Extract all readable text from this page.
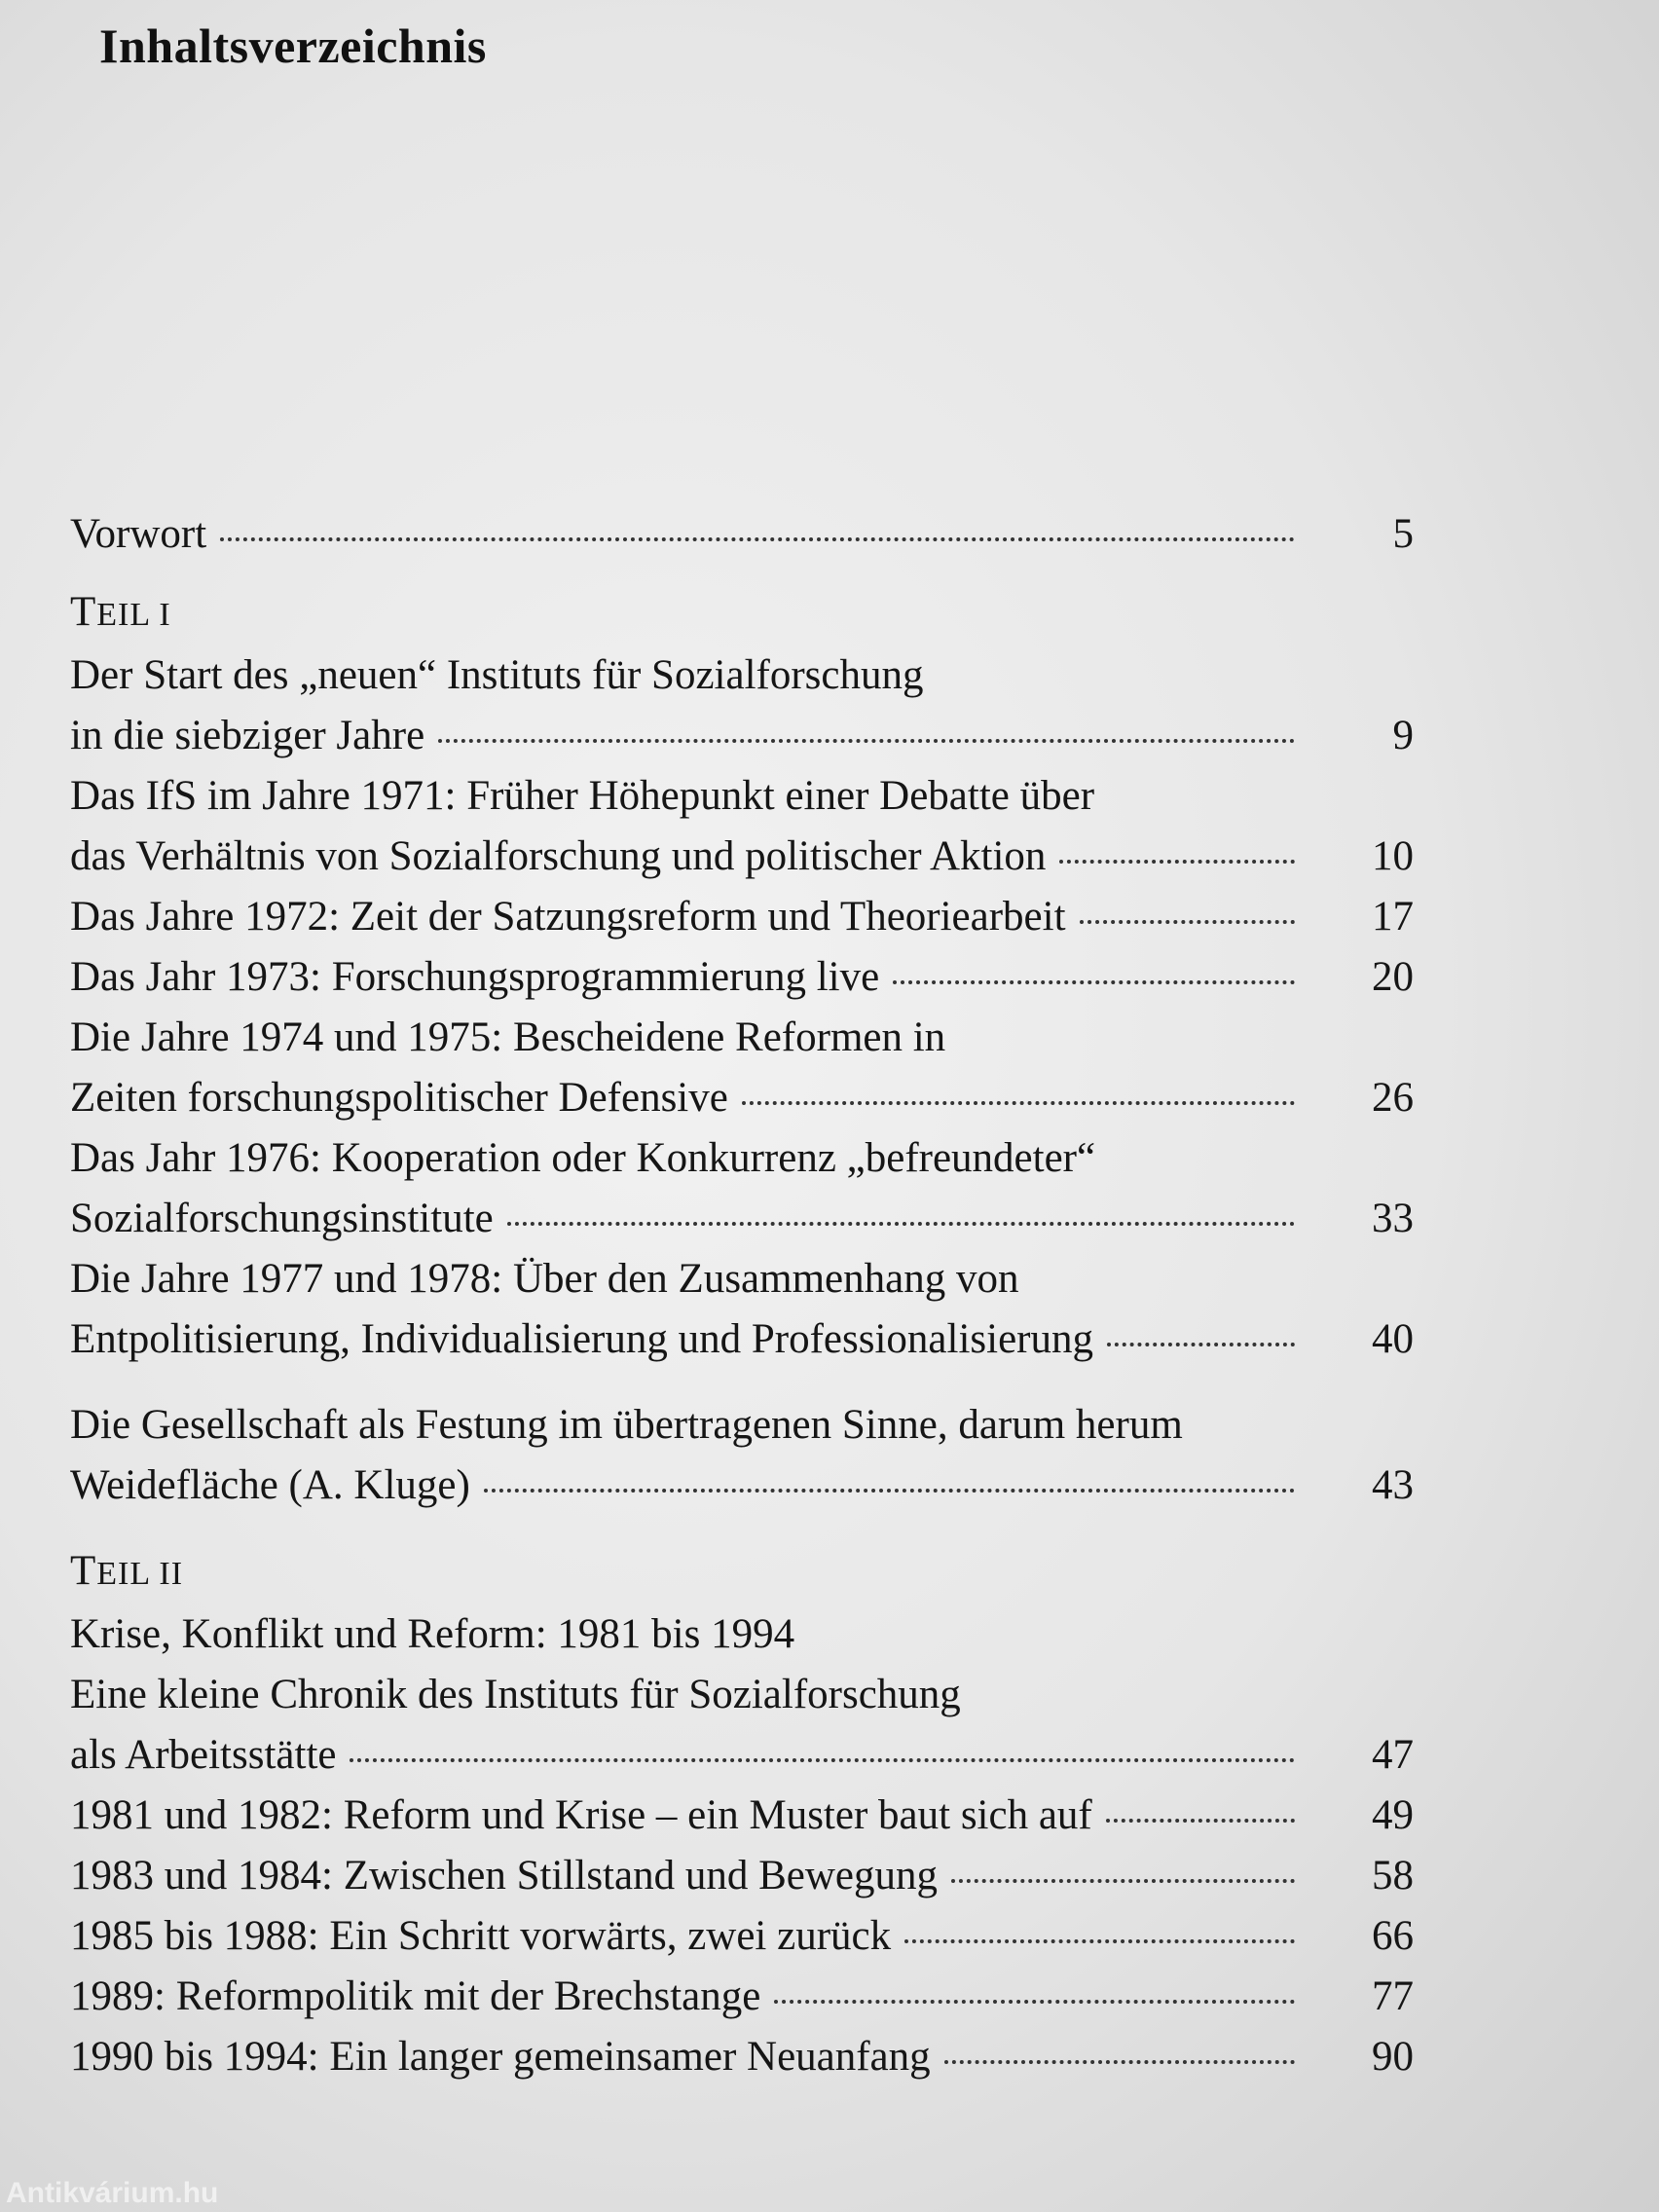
Inhaltsverzeichnis
Vorwort	5
TEIL I
Der Start des „neuen“ Instituts für Sozialforschung
in die siebziger Jahre	9
Das IfS im Jahre 1971: Früher Höhepunkt einer Debatte über
das Verhältnis von Sozialforschung und politischer Aktion	10
Das Jahre 1972: Zeit der Satzungsreform und Theoriearbeit	17
Das Jahr 1973: Forschungsprogrammierung live	20
Die Jahre 1974 und 1975: Bescheidene Reformen in
Zeiten forschungspolitischer Defensive	26
Das Jahr 1976: Kooperation oder Konkurrenz „befreundeter“
Sozialforschungsinstitute	33
Die Jahre 1977 und 1978: Über den Zusammenhang von
Entpolitisierung, Individualisierung und Professionalisierung	40
Die Gesellschaft als Festung im übertragenen Sinne, darum herum
Weidefläche (A. Kluge)	43
TEIL II
Krise, Konflikt und Reform: 1981 bis 1994
Eine kleine Chronik des Instituts für Sozialforschung
als Arbeitsstätte	47
1981 und 1982: Reform und Krise – ein Muster baut sich auf	49
1983 und 1984: Zwischen Stillstand und Bewegung	58
1985 bis 1988: Ein Schritt vorwärts, zwei zurück	66
1989: Reformpolitik mit der Brechstange	77
1990 bis 1994: Ein langer gemeinsamer Neuanfang	90
Antikvárium.hu
